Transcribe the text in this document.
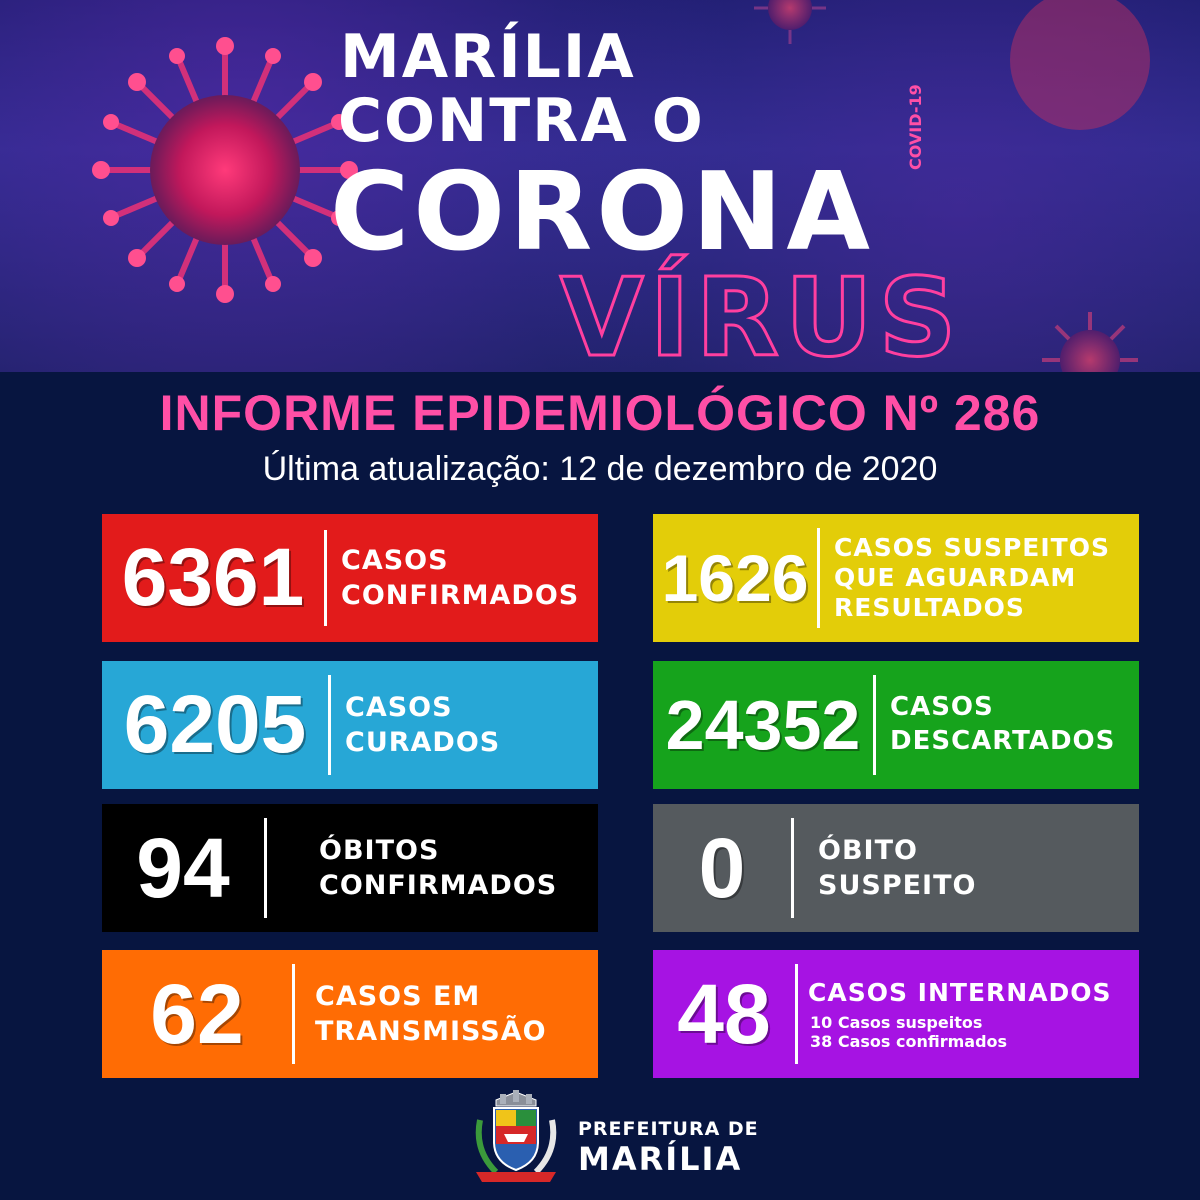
MARÍLIA
CONTRA O
CORONA
VÍRUS
COVID-19
INFORME EPIDEMIOLÓGICO Nº 286
Última atualização: 12 de dezembro de 2020
6361	CASOS
CONFIRMADOS 1626	CASOS SUSPEITOS
QUE AGUARDAM
RESULTADOS
6205	CASOS
CURADOS 24352	CASOS
DESCARTADOS
94	ÓBITOS
CONFIRMADOS	0	ÓBITO
SUSPEITO
62	CASOS EM
TRANSMISSÃO 48	CASOS INTERNADOS
10 Casos suspeitos
38 Casos confirmados
PREFEITURA DE
MARÍLIA
